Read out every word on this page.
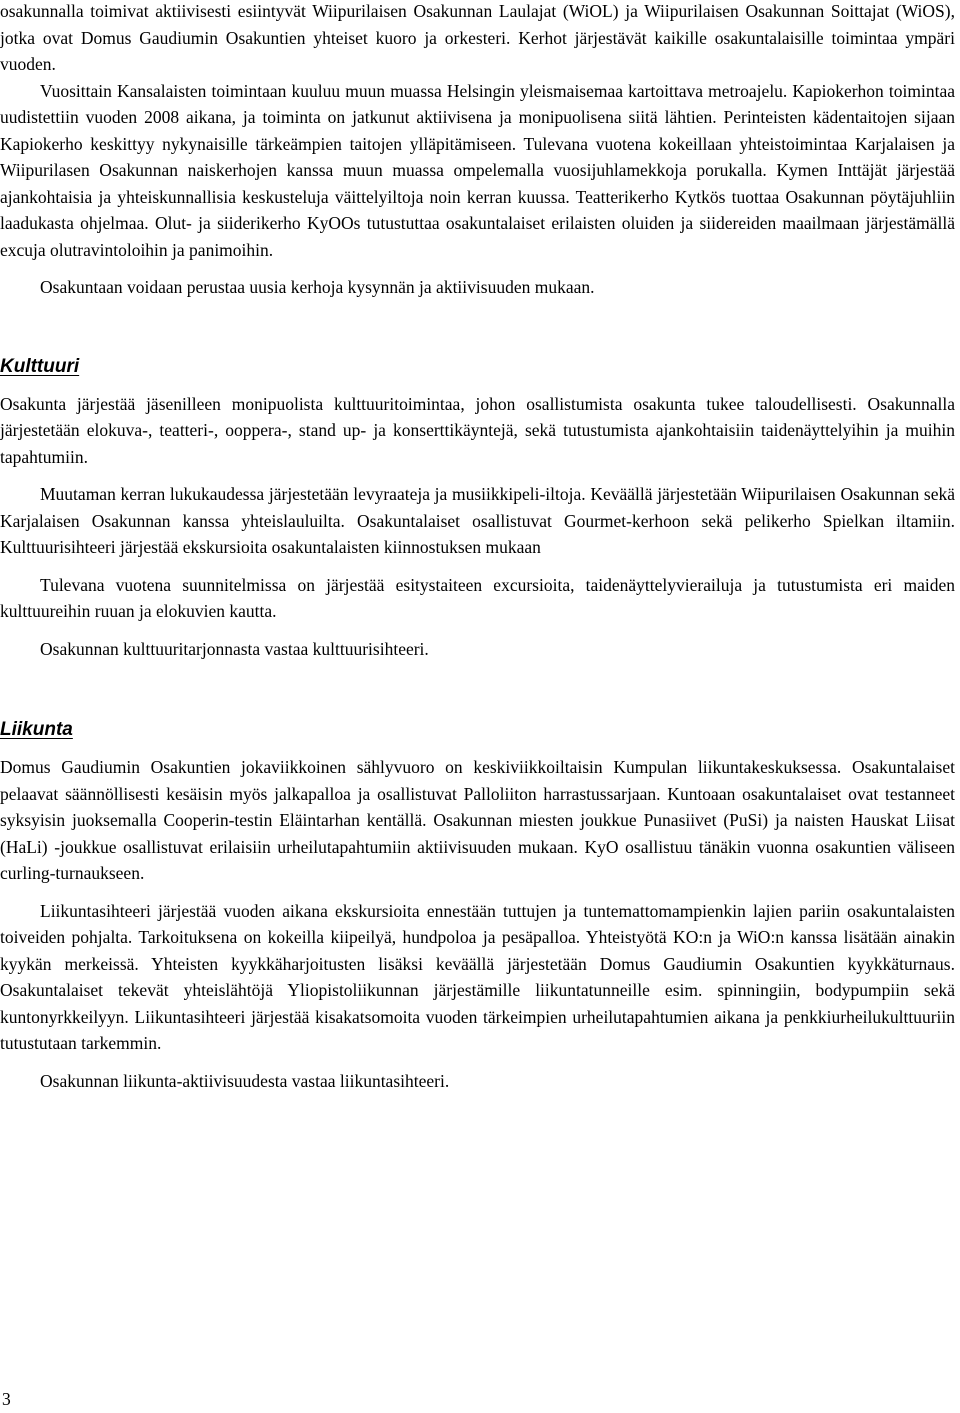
osakunnalla toimivat aktiivisesti esiintyvät Wiipurilaisen Osakunnan Laulajat (WiOL) ja Wiipurilaisen Osakunnan Soittajat (WiOS), jotka ovat Domus Gaudiumin Osakuntien yhteiset kuoro ja orkesteri. Kerhot järjestävät kaikille osakuntalaisille toimintaa ympäri vuoden.

Vuosittain Kansalaisten toimintaan kuuluu muun muassa Helsingin yleismaisemaa kartoittava metroajelu. Kapiokerhon toimintaa uudistettiin vuoden 2008 aikana, ja toiminta on jatkunut aktiivisena ja monipuolisena siitä lähtien. Perinteisten kädentaitojen sijaan Kapiokerho keskittyy nykynaisille tärkeämpien taitojen ylläpitämiseen. Tulevana vuotena kokeillaan yhteistoimintaa Karjalaisen ja Wiipurilasen Osakunnan naiskerhojen kanssa muun muassa ompelemalla vuosijuhlamekkoja porukalla. Kymen Inttäjät järjestää ajankohtaisia ja yhteiskunnallisia keskusteluja väittelyiltoja noin kerran kuussa. Teatterikerho Kytkös tuottaa Osakunnan pöytäjuhliin laadukasta ohjelmaa. Olut- ja siiderikerho KyOOs tutustuttaa osakuntalaiset erilaisten oluiden ja siidereiden maailmaan järjestämällä excuja olutravintoloihin ja panimoihin.

Osakuntaan voidaan perustaa uusia kerhoja kysynnän ja aktiivisuuden mukaan.

Kulttuuri

Osakunta järjestää jäsenilleen monipuolista kulttuuritoimintaa, johon osallistumista osakunta tukee taloudellisesti. Osakunnalla järjestetään elokuva-, teatteri-, ooppera-, stand up- ja konserttikäyntejä, sekä tutustumista ajankohtaisiin taidenäyttelyihin ja muihin tapahtumiin.

Muutaman kerran lukukaudessa järjestetään levyraateja ja musiikkipeli-iltoja. Keväällä järjestetään Wiipurilaisen Osakunnan sekä Karjalaisen Osakunnan kanssa yhteislauluilta. Osakuntalaiset osallistuvat Gourmet-kerhoon sekä pelikerho Spielkan iltamiin. Kulttuurisihteeri järjestää ekskursioita osakuntalaisten kiinnostuksen mukaan

Tulevana vuotena suunnitelmissa on järjestää esitystaiteen excursioita, taidenäyttelyvierailuja ja tutustumista eri maiden kulttuureihin ruuan ja elokuvien kautta.

Osakunnan kulttuuritarjonnasta vastaa kulttuurisihteeri.

Liikunta

Domus Gaudiumin Osakuntien jokaviikkoinen sählyvuoro on keskiviikkoiltaisin Kumpulan liikuntakeskuksessa. Osakuntalaiset pelaavat säännöllisesti kesäisin myös jalkapalloa ja osallistuvat Palloliiton harrastussarjaan. Kuntoaan osakuntalaiset ovat testanneet syksyisin juoksemalla Cooperin-testin Eläintarhan kentällä. Osakunnan miesten joukkue Punasiivet (PuSi) ja naisten Hauskat Liisat (HaLi) -joukkue osallistuvat erilaisiin urheilutapahtumiin aktiivisuuden mukaan. KyO osallistuu tänäkin vuonna osakuntien väliseen curling-turnaukseen.

Liikuntasihteeri järjestää vuoden aikana ekskursioita ennestään tuttujen ja tuntemattomampienkin lajien pariin osakuntalaisten toiveiden pohjalta. Tarkoituksena on kokeilla kiipeilyä, hundpoloa ja pesäpalloa. Yhteistyötä KO:n ja WiO:n kanssa lisätään ainakin kyykän merkeissä. Yhteisten kyykkäharjoitusten lisäksi keväällä järjestetään Domus Gaudiumin Osakuntien kyykkäturnaus. Osakuntalaiset tekevät yhteislähtöjä Yliopistoliikunnan järjestämille liikuntatunneille esim. spinningiin, bodypumpiin sekä kuntonyrkkeilyyn. Liikuntasihteeri järjestää kisakatsomoita vuoden tärkeimpien urheilutapahtumien aikana ja penkkiurheilukulttuuriin tutustutaan tarkemmin.

Osakunnan liikunta-aktiivisuudesta vastaa liikuntasihteeri.

3
